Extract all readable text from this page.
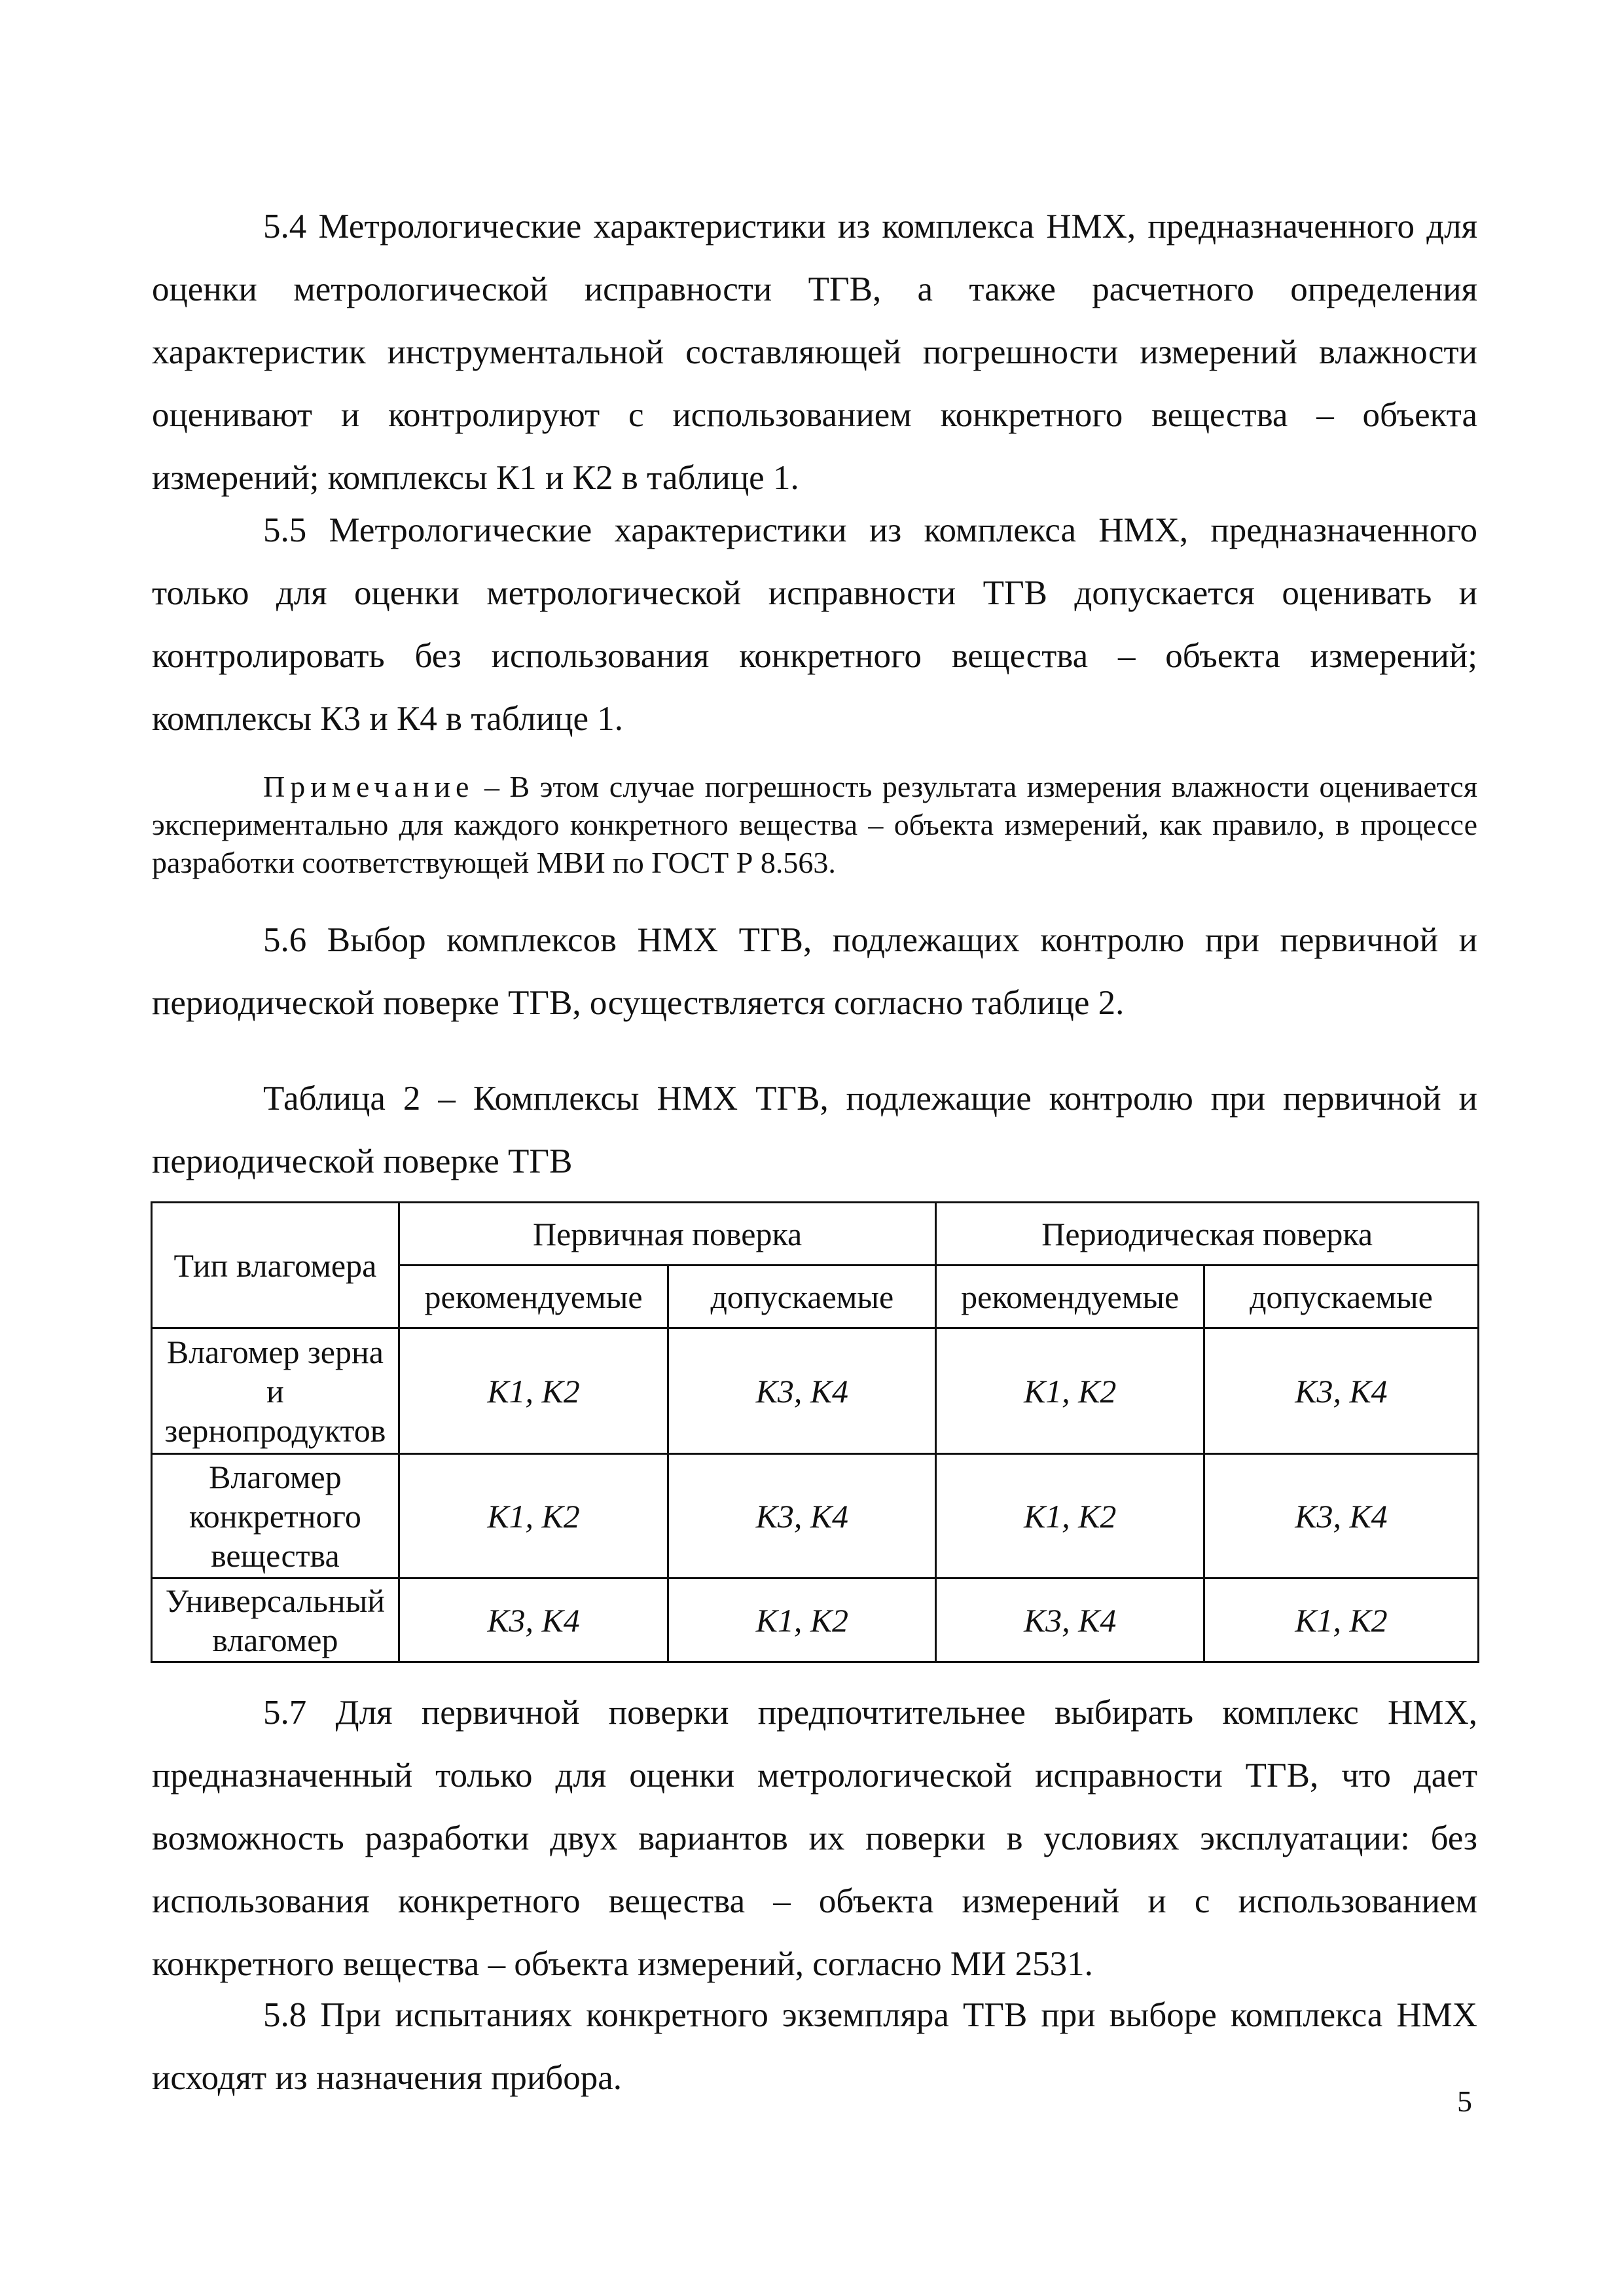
5.4 Метрологические характеристики из комплекса НМХ, предназначенного для оценки метрологической исправности ТГВ, а также расчетного определения характеристик инструментальной составляющей погрешности измерений влажности оценивают и контролируют с использованием конкретного вещества – объекта измерений; комплексы К1 и К2 в таблице 1.

5.5 Метрологические характеристики из комплекса НМХ, предназначенного только для оценки метрологической исправности ТГВ допускается оценивать и контролировать без использования конкретного вещества – объекта измерений; комплексы К3 и К4 в таблице 1.

Примечание – В этом случае погрешность результата измерения влажности оценивается экспериментально для каждого конкретного вещества – объекта измерений, как правило, в процессе разработки соответствующей МВИ по ГОСТ Р 8.563.

5.6 Выбор комплексов НМХ ТГВ, подлежащих контролю при первичной и периодической поверке ТГВ, осуществляется согласно таблице 2.

Таблица 2 – Комплексы НМХ ТГВ, подлежащие контролю при первичной и периодической поверке ТГВ

Тип влагомера	Первичная поверка		Периодическая поверка	
	рекомендуемые	допускаемые	рекомендуемые	допускаемые
Влагомер зерна и зернопродуктов	К1, К2	К3, К4	К1, К2	К3, К4
Влагомер конкретного вещества	К1, К2	К3, К4	К1, К2	К3, К4
Универсальный влагомер	К3, К4	К1, К2	К3, К4	К1, К2

5.7 Для первичной поверки предпочтительнее выбирать комплекс НМХ, предназначенный только для оценки метрологической исправности ТГВ, что дает возможность разработки двух вариантов их поверки в условиях эксплуатации: без использования конкретного вещества – объекта измерений и с использованием конкретного вещества – объекта измерений, согласно МИ 2531.

5.8 При испытаниях конкретного экземпляра ТГВ при выборе комплекса НМХ исходят из назначения прибора.

5
